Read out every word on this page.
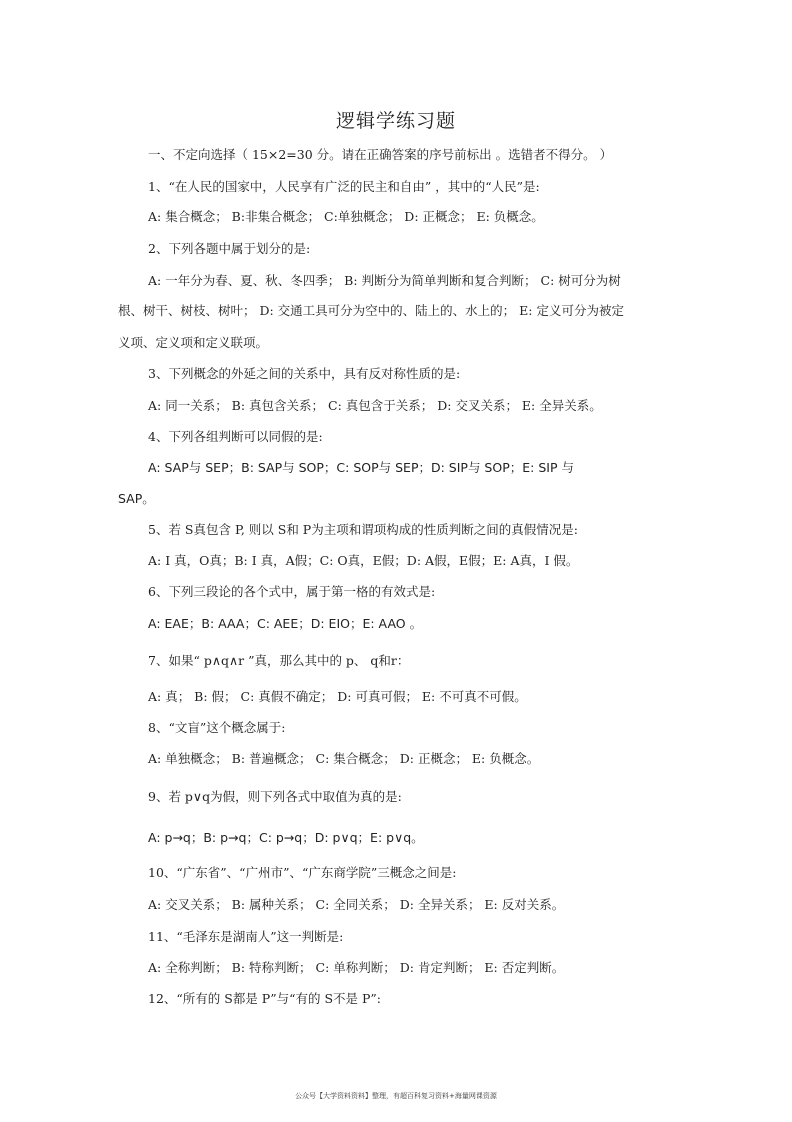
逻辑学练习题
一、不定向选择（ 15×2=30 分。请在正确答案的序号前标出 。选错者不得分。 ）
1、“在人民的国家中，人民享有广泛的民主和自由” ，其中的“人民”是:
A: 集合概念； B:非集合概念； C:单独概念； D: 正概念； E: 负概念。
2、下列各题中属于划分的是:
A: 一年分为春、夏、秋、冬四季； B: 判断分为简单判断和复合判断； C: 树可分为树
根、树干、树枝、树叶； D: 交通工具可分为空中的、陆上的、水上的； E: 定义可分为被定
义项、定义项和定义联项。
3、下列概念的外延之间的关系中，具有反对称性质的是:
A: 同一关系； B: 真包含关系； C: 真包含于关系； D: 交叉关系； E: 全异关系。
4、下列各组判断可以同假的是:
A: SAP与 SEP；B: SAP与 SOP；C: SOP与 SEP；D: SIP与 SOP；E: SIP 与
SAP。
5、若 S真包含 P, 则以 S和 P为主项和谓项构成的性质判断之间的真假情况是:
A: I 真，O真；B: I 真，A假；C: O真，E假；D: A假，E假；E: A真，I 假。
6、下列三段论的各个式中，属于第一格的有效式是:
A: EAE；B: AAA；C: AEE；D: EIO；E: AAO 。
7、如果“ p∧q∧r ”真，那么其中的 p、 q和r：
A: 真； B: 假； C: 真假不确定； D: 可真可假； E: 不可真不可假。
8、“文盲”这个概念属于:
A: 单独概念； B: 普遍概念； C: 集合概念； D: 正概念； E: 负概念。
9、若 p∨q为假，则下列各式中取值为真的是:
A: p→q；B: p→q；C: p→q；D: p∨q；E: p∨q。
10、“广东省”、“广州市”、“广东商学院”三概念之间是:
A: 交叉关系； B: 属种关系； C: 全同关系； D: 全异关系； E: 反对关系。
11、“毛泽东是湖南人”这一判断是:
A: 全称判断； B: 特称判断； C: 单称判断； D: 肯定判断； E: 否定判断。
12、“所有的 S都是 P”与“有的 S不是 P”:
公众号【大学资料资料】整理，有超百科复习资料+海量网课资源
